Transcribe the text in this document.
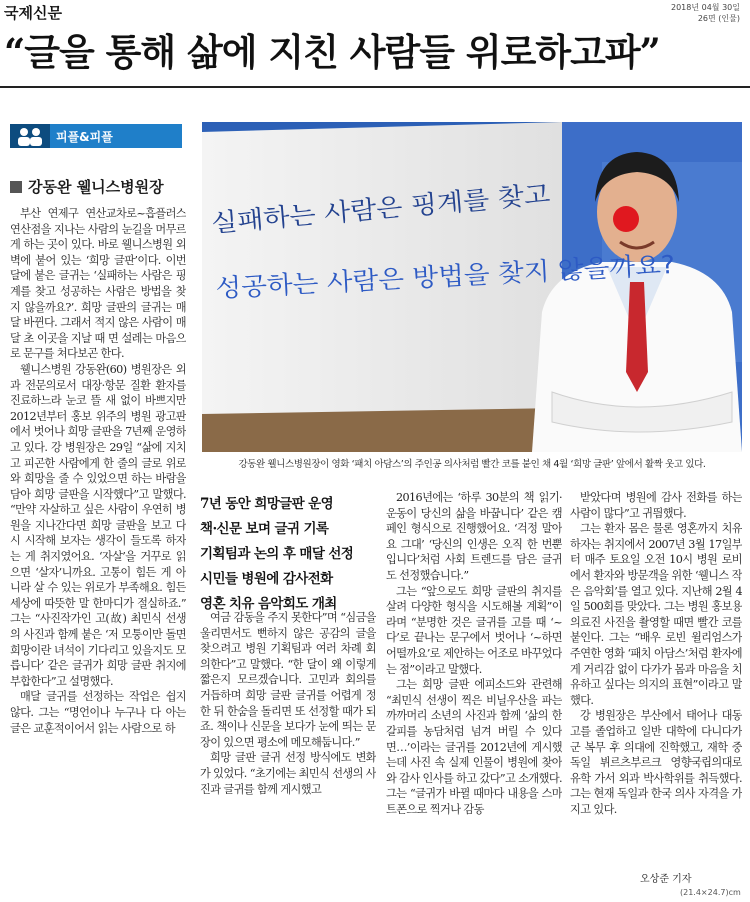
국제신문	2018년 04월 30일
26면 (인물)
“글을 통해 삶에 지친 사람들 위로하고파”
피플&피플
강동완 웰니스병원장

부산 연제구 연산교차로~흡플러스 연산점을 지나는 사람의 눈길을 머무르게 하는 곳이 있다. 바로 웰니스병원 외벽에 붙어 있는 ‘희망 글판’이다. 이번 달에 붙은 글귀는 ‘실패하는 사람은 핑계를 찾고 성공하는 사람은 방법을 찾지 않을까요?’. 희망 글판의 글귀는 매달 바뀐다. 그래서 적지 않은 사람이 매달 초 이곳을 지날 때 면 설레는 마음으로 문구를 쳐다보곤 한다.

웰니스병원 강동완(60) 병원장은 외과 전문의로서 대장·항문 질환 환자를 진료하느라 눈코 뜰 새 없이 바쁘지만 2012년부터 홍보 위주의 병원 광고판에서 벗어나 희망 글판을 7년째 운영하고 있다. 강 병원장은 29일 “삶에 지치고 피곤한 사람에게 한 줄의 글로 위로와 희망을 줄 수 있었으면 하는 바람을 담아 희망 글판을 시작했다”고 말했다. “만약 자살하고 싶은 사람이 우연히 병원을 지나간다면 희망 글판을 보고 다시 시작해 보자는 생각이 들도록 하자는 게 취지였어요. ‘자살’을 거꾸로 읽으면 ‘살자’니까요. 고통이 힘든 게 아니라 살 수 있는 위로가 부족해요. 힘든 세상에 따뜻한 말 한마디가 절실하죠.” 그는 “사진작가인 고(故) 최민식 선생의 사진과 함께 붙은 ‘저 모퉁이만 돌면 희망이란 녀석이 기다리고 있을지도 모릅니다’ 같은 글귀가 희망 글판 취지에 부합한다”고 설명했다.

매달 글귀를 선정하는 작업은 쉽지 않다. 그는 “명언이나 누구나 다 아는 글은 교훈적이어서 읽는 사람으로 하

실패하는 사람은 핑계를 찾고
성공하는 사람은 방법을 찾지 않을까요?
강동완 웰니스병원장이 영화 ‘패치 아담스’의 주인공 의사처럼 빨간 코를 붙인 채 4월 ‘희망 글판’ 앞에서 활짝 웃고 있다.
7년 동안 희망글판 운영
책·신문 보며 글귀 기록
기획팀과 논의 후 매달 선정
시민들 병원에 감사전화
영혼 치유 음악회도 개최

여금 감동을 주지 못한다”며 “심금을 울리면서도 뻔하지 않은 공감의 글을 찾으려고 병원 기획팀과 여러 차례 회의한다”고 말했다. “한 달이 왜 이렇게 짧은지 모르겠습니다. 고민과 회의를 거듭하며 희망 글판 글귀를 어렵게 정한 뒤 한숨을 돌리면 또 선정할 때가 되죠. 책이나 신문을 보다가 눈에 띄는 문장이 있으면 평소에 메모해둡니다.”

희망 글판 글귀 선정 방식에도 변화가 있었다. “초기에는 최민식 선생의 사진과 글귀를 함께 게시했고

2016년에는 ‘하루 30분의 책 읽기·운동이 당신의 삶을 바꿉니다’ 같은 캠페인 형식으로 진행했어요. ‘걱정 말아요 그대’ ‘당신의 인생은 오직 한 번뿐입니다’처럼 사회 트렌드를 담은 글귀도 선정했습니다.”

그는 “앞으로도 희망 글판의 취지를 살려 다양한 형식을 시도해볼 계획”이라며 “분명한 것은 글귀를 고를 때 ‘~다’로 끝나는 문구에서 벗어나 ‘~하면 어떨까요’로 제안하는 어조로 바꾸었다는 점”이라고 말했다.

그는 희망 글판 에피소드와 관련해 “최민식 선생이 찍은 비닐우산을 파는 까까머리 소년의 사진과 함께 ‘삶의 한 갈피를 농담처럼 넘겨 버릴 수 있다면…’이라는 글귀를 2012년에 게시했는데 사진 속 실제 인물이 병원에 찾아와 감사 인사를 하고 갔다”고 소개했다. 그는 “글귀가 바뀔 때마다 내용을 스마트폰으로 찍거나 감동

받았다며 병원에 감사 전화를 하는 사람이 많다”고 귀띔했다.

그는 환자 몸은 물론 영혼까지 치유하자는 취지에서 2007년 3월 17일부터 매주 토요일 오전 10시 병원 로비에서 환자와 방문객을 위한 ‘웰니스 작은 음악회’를 열고 있다. 지난해 2월 4일 500회를 맞았다. 그는 병원 홍보용 의료진 사진을 촬영할 때면 빨간 코를 붙인다. 그는 “배우 로빈 윌리엄스가 주연한 영화 ‘패치 아담스’처럼 환자에게 거리감 없이 다가가 몸과 마음을 치유하고 싶다는 의지의 표현”이라고 말했다.

강 병원장은 부산에서 태어나 대동고를 졸업하고 일반 대학에 다니다가 군 복무 후 의대에 진학했고, 재학 중 독일 뷔르츠부르크 영향국립의대로 유학 가서 외과 박사학위를 취득했다. 그는 현재 독일과 한국 의사 자격을 가지고 있다.

오상준 기자
(21.4×24.7)cm
